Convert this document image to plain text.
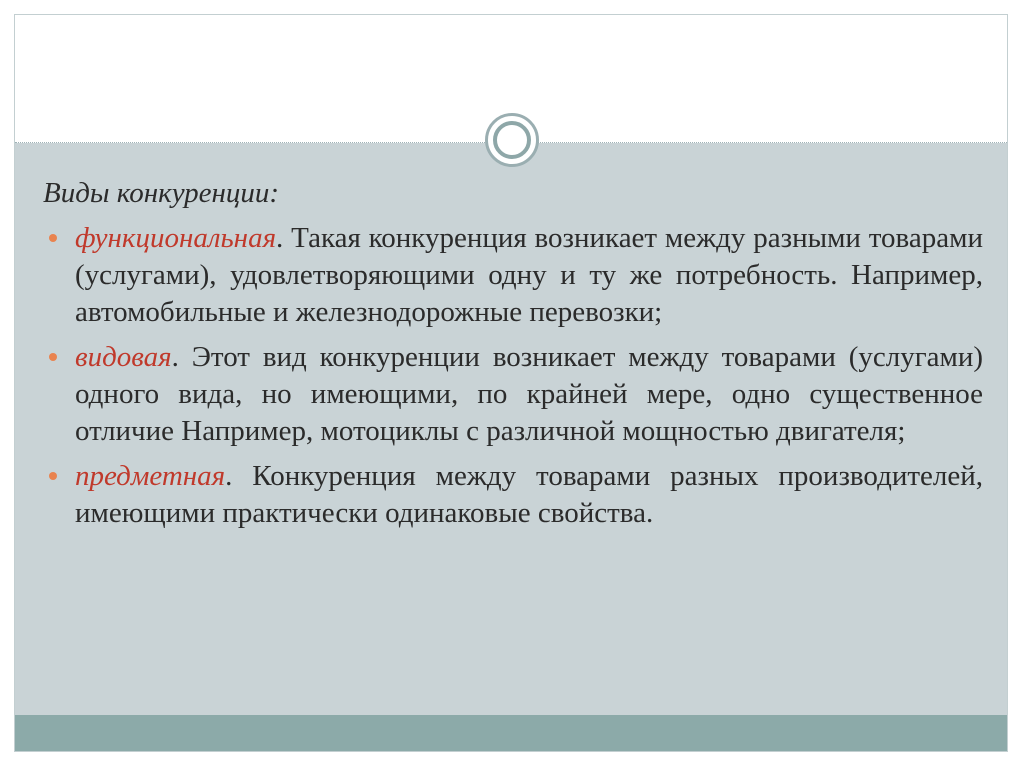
Виды конкуренции:

функциональная. Такая конкуренция возникает между разными товарами (услугами), удовлетворяющими одну и ту же потребность. Например, автомобильные и железнодорожные перевозки;

видовая. Этот вид конкуренции возникает между товарами (услугами) одного вида, но имеющими, по крайней мере, одно существенное отличие Например, мотоциклы с различной мощностью двигателя;

предметная. Конкуренция между товарами разных производителей, имеющими практически одинаковые свойства.
